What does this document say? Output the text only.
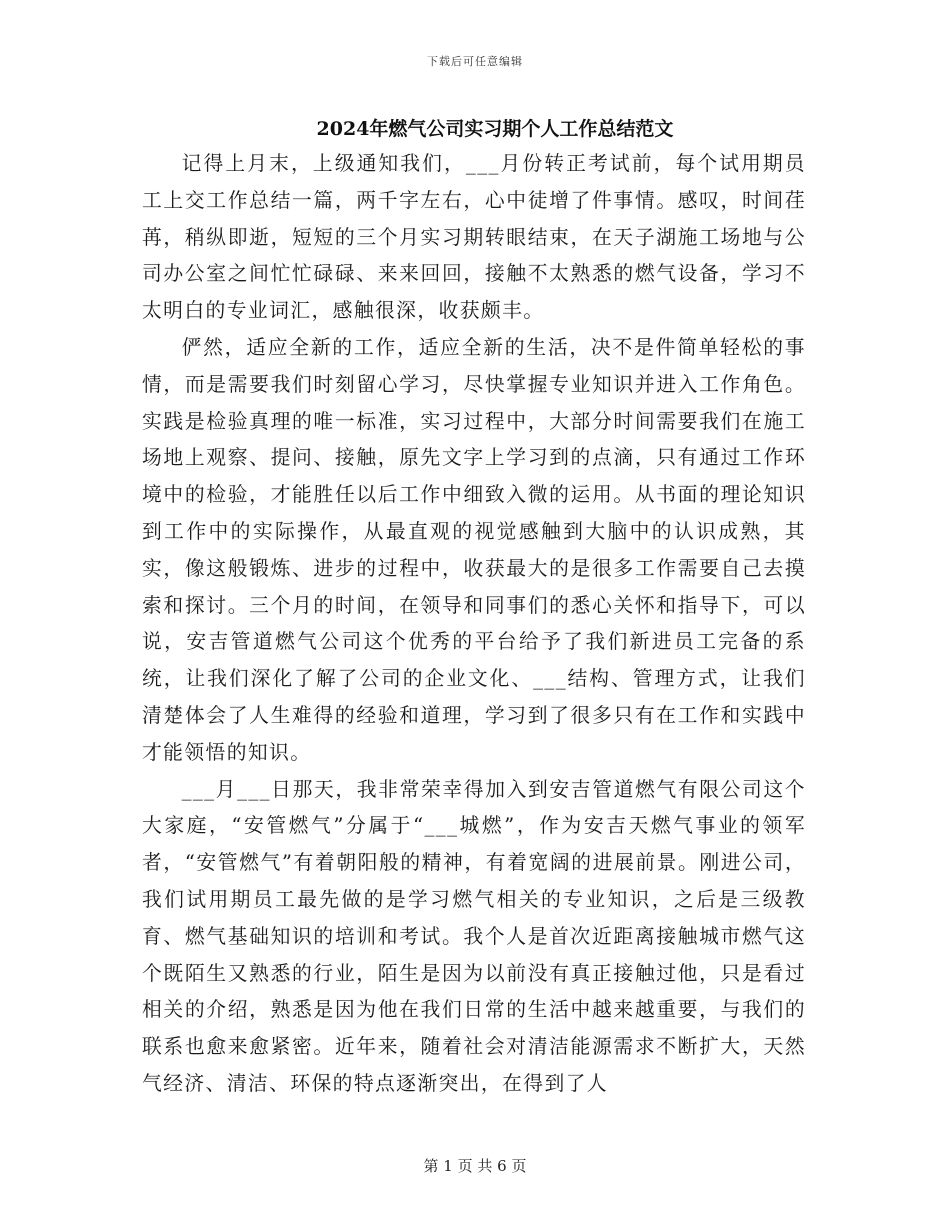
下载后可任意编辑
2024年燃气公司实习期个人工作总结范文

记得上月末，上级通知我们，___月份转正考试前，每个试用期员工上交工作总结一篇，两千字左右，心中徒增了件事情。感叹，时间荏苒，稍纵即逝，短短的三个月实习期转眼结束，在天子湖施工场地与公司办公室之间忙忙碌碌、来来回回，接触不太熟悉的燃气设备，学习不太明白的专业词汇，感触很深，收获颇丰。

俨然，适应全新的工作，适应全新的生活，决不是件简单轻松的事情，而是需要我们时刻留心学习，尽快掌握专业知识并进入工作角色。实践是检验真理的唯一标准，实习过程中，大部分时间需要我们在施工场地上观察、提问、接触，原先文字上学习到的点滴，只有通过工作环境中的检验，才能胜任以后工作中细致入微的运用。从书面的理论知识到工作中的实际操作，从最直观的视觉感触到大脑中的认识成熟，其实，像这般锻炼、进步的过程中，收获最大的是很多工作需要自己去摸索和探讨。三个月的时间，在领导和同事们的悉心关怀和指导下，可以说，安吉管道燃气公司这个优秀的平台给予了我们新进员工完备的系统，让我们深化了解了公司的企业文化、___结构、管理方式，让我们清楚体会了人生难得的经验和道理，学习到了很多只有在工作和实践中才能领悟的知识。

___月___日那天，我非常荣幸得加入到安吉管道燃气有限公司这个大家庭，“安管燃气”分属于“___城燃”，作为安吉天燃气事业的领军者，“安管燃气”有着朝阳般的精神，有着宽阔的进展前景。刚进公司，我们试用期员工最先做的是学习燃气相关的专业知识，之后是三级教育、燃气基础知识的培训和考试。我个人是首次近距离接触城市燃气这个既陌生又熟悉的行业，陌生是因为以前没有真正接触过他，只是看过相关的介绍，熟悉是因为他在我们日常的生活中越来越重要，与我们的联系也愈来愈紧密。近年来，随着社会对清洁能源需求不断扩大，天然气经济、清洁、环保的特点逐渐突出，在得到了人

第 1 页 共 6 页
